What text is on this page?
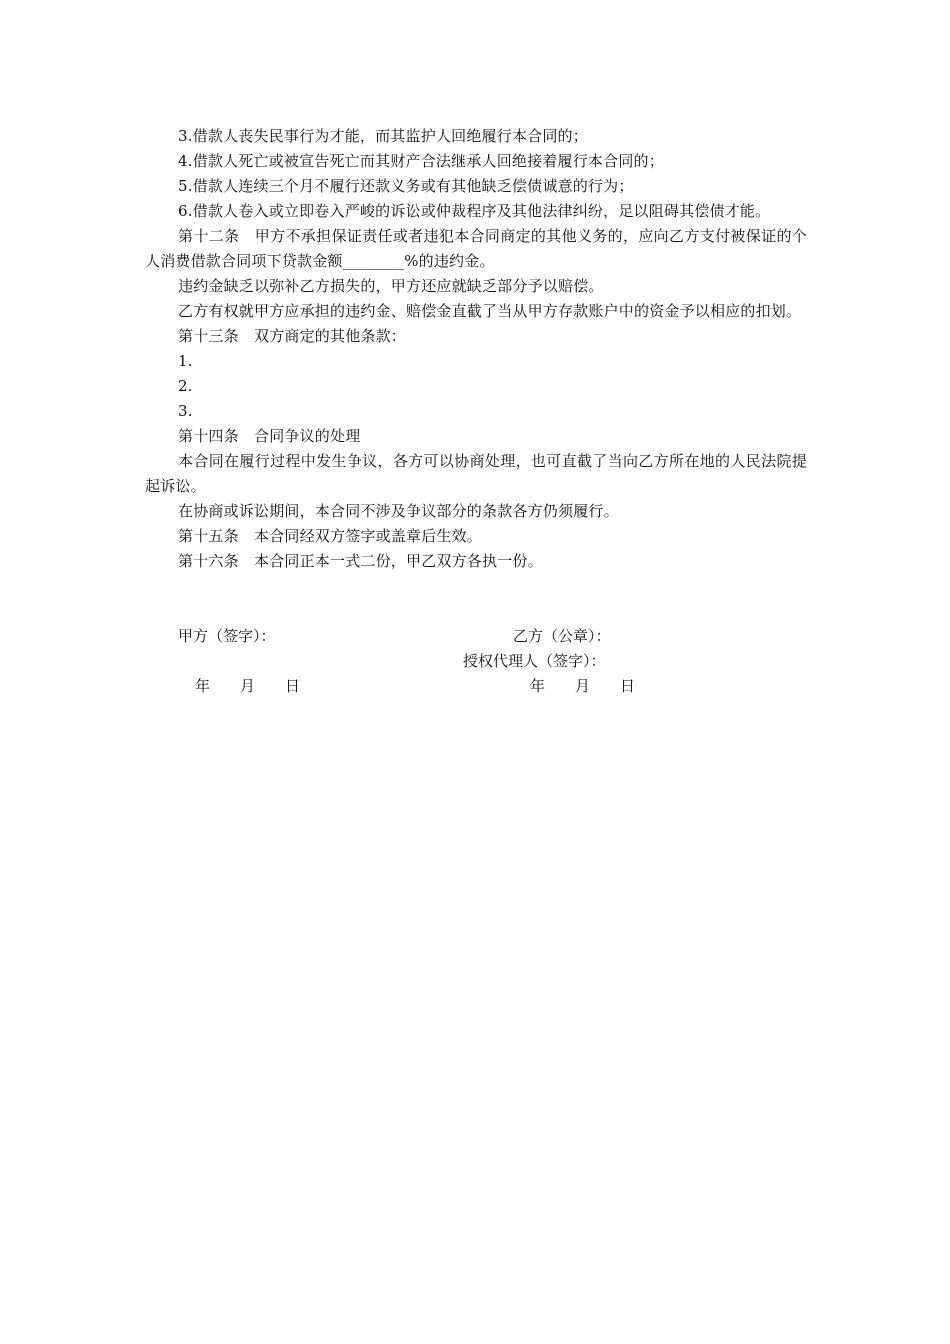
3.借款人丧失民事行为才能，而其监护人回绝履行本合同的；

4.借款人死亡或被宣告死亡而其财产合法继承人回绝接着履行本合同的；

5.借款人连续三个月不履行还款义务或有其他缺乏偿债诚意的行为；

6.借款人卷入或立即卷入严峻的诉讼或仲裁程序及其他法律纠纷，足以阻碍其偿债才能。

第十二条　甲方不承担保证责任或者违犯本合同商定的其他义务的，应向乙方支付被保证的个人消费借款合同项下贷款金额________%的违约金。

违约金缺乏以弥补乙方损失的，甲方还应就缺乏部分予以赔偿。

乙方有权就甲方应承担的违约金、赔偿金直截了当从甲方存款账户中的资金予以相应的扣划。

第十三条　双方商定的其他条款：

1.

2.

3.

第十四条　合同争议的处理

本合同在履行过程中发生争议，各方可以协商处理，也可直截了当向乙方所在地的人民法院提起诉讼。

在协商或诉讼期间，本合同不涉及争议部分的条款各方仍须履行。

第十五条　本合同经双方签字或盖章后生效。

第十六条　本合同正本一式二份，甲乙双方各执一份。

甲方（签字）：	乙方（公章）：
授权代理人（签字）：
年　　月　　日	年　　月　　日
